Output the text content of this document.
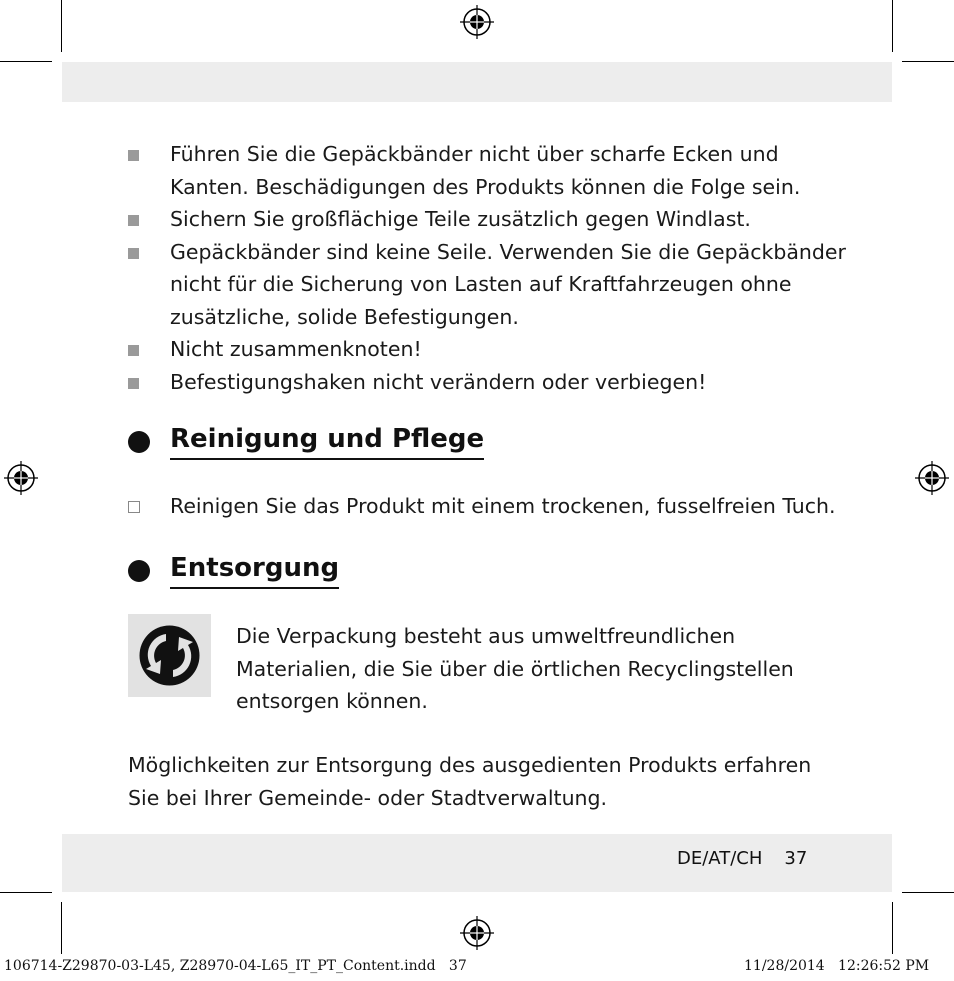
Führen Sie die Gepäckbänder nicht über scharfe Ecken und Kanten. Beschädigungen des Produkts können die Folge sein.
Sichern Sie großflächige Teile zusätzlich gegen Windlast.
Gepäckbänder sind keine Seile. Verwenden Sie die Gepäckbänder nicht für die Sicherung von Lasten auf Kraftfahrzeugen ohne zusätzliche, solide Befestigungen.
Nicht zusammenknoten!
Befestigungshaken nicht verändern oder verbiegen!
Reinigung und Pflege
Reinigen Sie das Produkt mit einem trockenen, fusselfreien Tuch.
Entsorgung

Die Verpackung besteht aus umweltfreundlichen Materialien, die Sie über die örtlichen Recyclingstellen entsorgen können.

Möglichkeiten zur Entsorgung des ausgedienten Produkts erfahren Sie bei Ihrer Gemeinde- oder Stadtverwaltung.

DE/AT/CH 37
106714-Z29870-03-L45, Z28970-04-L65_IT_PT_Content.indd   37	11/28/2014   12:26:52 PM
